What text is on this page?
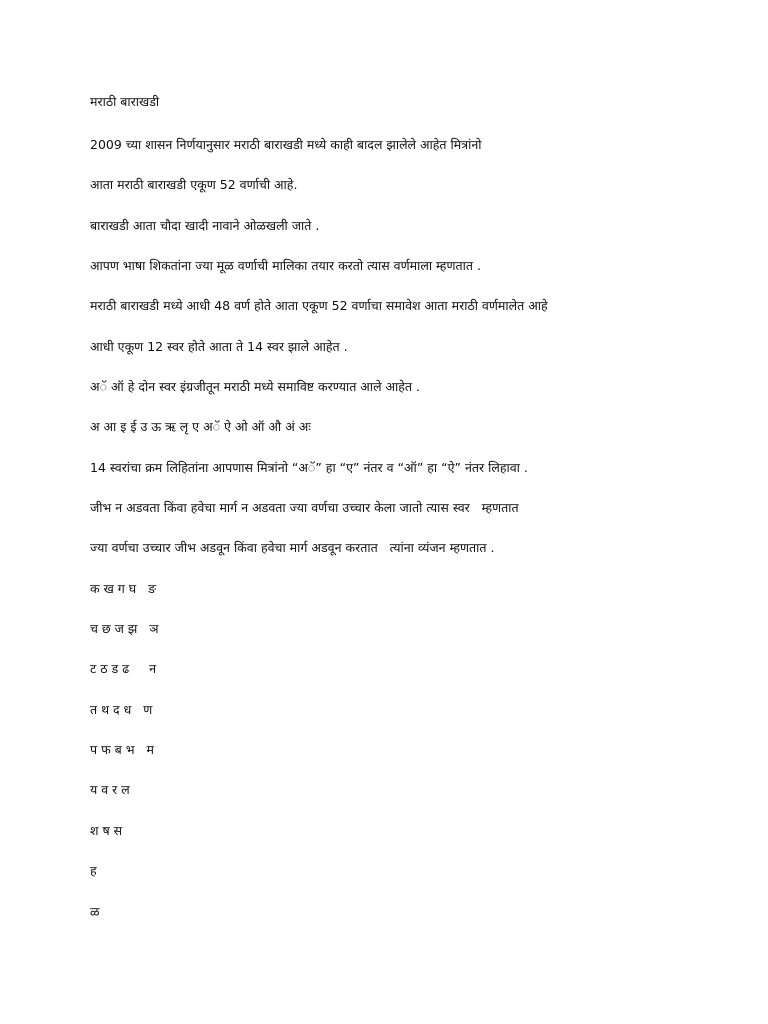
मराठी बाराखडी
2009 च्या शासन निर्णयानुसार मराठी बाराखडी मध्ये काही बादल झालेले आहेत मित्रांनो
आता मराठी बाराखडी एकूण 52 वर्णाची आहे.
बाराखडी आता चौदा खादी नावाने ओळखली जाते .
आपण भाषा शिकतांना ज्या मूळ वर्णाची मालिका तयार करतो त्यास वर्णमाला म्हणतात .
मराठी बाराखडी मध्ये आधी 48 वर्ण होते आता एकूण 52 वर्णाचा समावेश आता मराठी वर्णमालेत आहे
आधी एकूण 12 स्वर होते आता ते 14 स्वर झाले आहेत .
अॅ ऑ हे दोन स्वर इंग्रजीतून मराठी मध्ये समाविष्ट करण्यात आले आहेत .
अ आ इ ई उ ऊ ऋ लृ ए अॅ ऐ ओ ऑ औ अं अः
14 स्वरांचा क्रम लिहितांना आपणास मित्रांनो “अॅ” हा “ए” नंतर व “ऑ” हा “ऐ” नंतर लिहावा .
जीभ न अडवता किंवा हवेचा मार्ग न अडवता ज्या वर्णचा उच्चार केला जातो त्यास स्वर   म्हणतात
ज्या वर्णचा उच्चार जीभ अडवून किंवा हवेचा मार्ग अडवून करतात   त्यांना व्यंजन म्हणतात .
क ख ग घ   ङ
च छ ज झ   ञ
ट ठ ड ढ     न
त थ द ध   ण
प फ ब भ   म
य व र ल
श ष स
ह
ळ
